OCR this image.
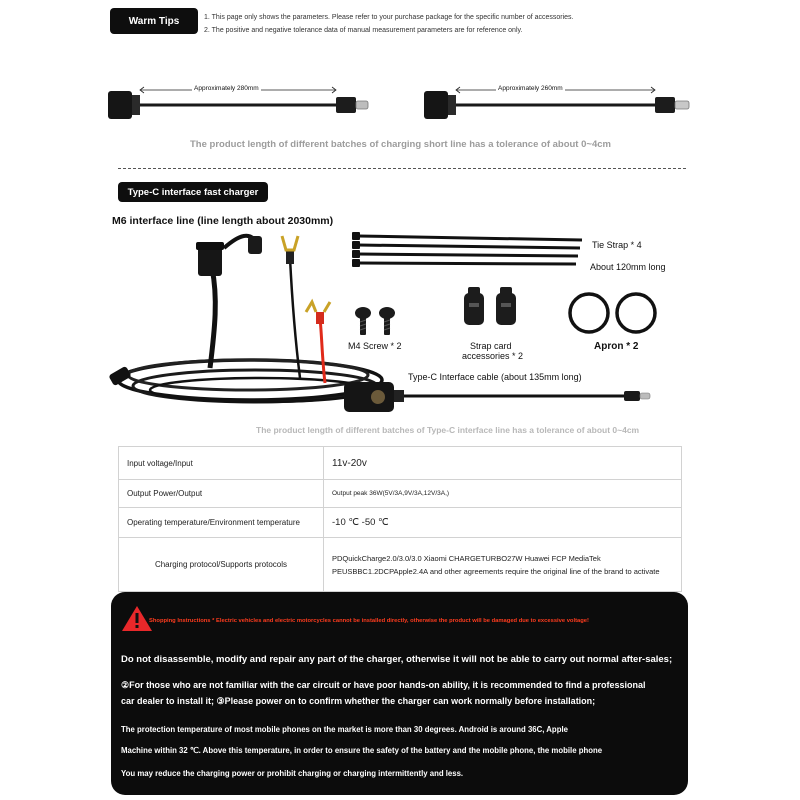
Warm Tips	1. This page only shows the parameters. Please refer to your purchase package for the specific number of accessories.
2. The positive and negative tolerance data of manual measurement parameters are for reference only.
Approximately 280mm	Approximately 260mm
The product length of different batches of charging short line has a tolerance of about 0~4cm
Type-C interface fast charger
M6 interface line (line length about 2030mm)
Tie Strap * 4
About 120mm long
M4 Screw * 2	Strap card
accessories * 2
Apron * 2
Type-C Interface cable (about 135mm long)
The product length of different batches of Type-C interface line has a tolerance of about 0~4cm
Input voltage/Input	11v-20v
Output Power/Output	Output peak 36W(5V/3A,9V/3A,12V/3A,)
Operating temperature/Environment temperature	-10 ℃ -50 ℃
Charging protocol/Supports protocols	PDQuickCharge2.0/3.0/3.0 Xiaomi CHARGETURBO27W Huawei FCP MediaTek PEUSBBC1.2DCPApple2.4A and other agreements require the original line of the brand to activate
Shopping Instructions * Electric vehicles and electric motorcycles cannot be installed directly, otherwise the product will be damaged due to excessive voltage!
Do not disassemble, modify and repair any part of the charger, otherwise it will not be able to carry out normal after-sales;
②For those who are not familiar with the car circuit or have poor hands-on ability, it is recommended to find a professional
car dealer to install it; ③Please power on to confirm whether the charger can work normally before installation;
The protection temperature of most mobile phones on the market is more than 30 degrees. Android is around 36C, Apple
Machine within 32 ℃. Above this temperature, in order to ensure the safety of the battery and the mobile phone, the mobile phone
You may reduce the charging power or prohibit charging or charging intermittently and less.
